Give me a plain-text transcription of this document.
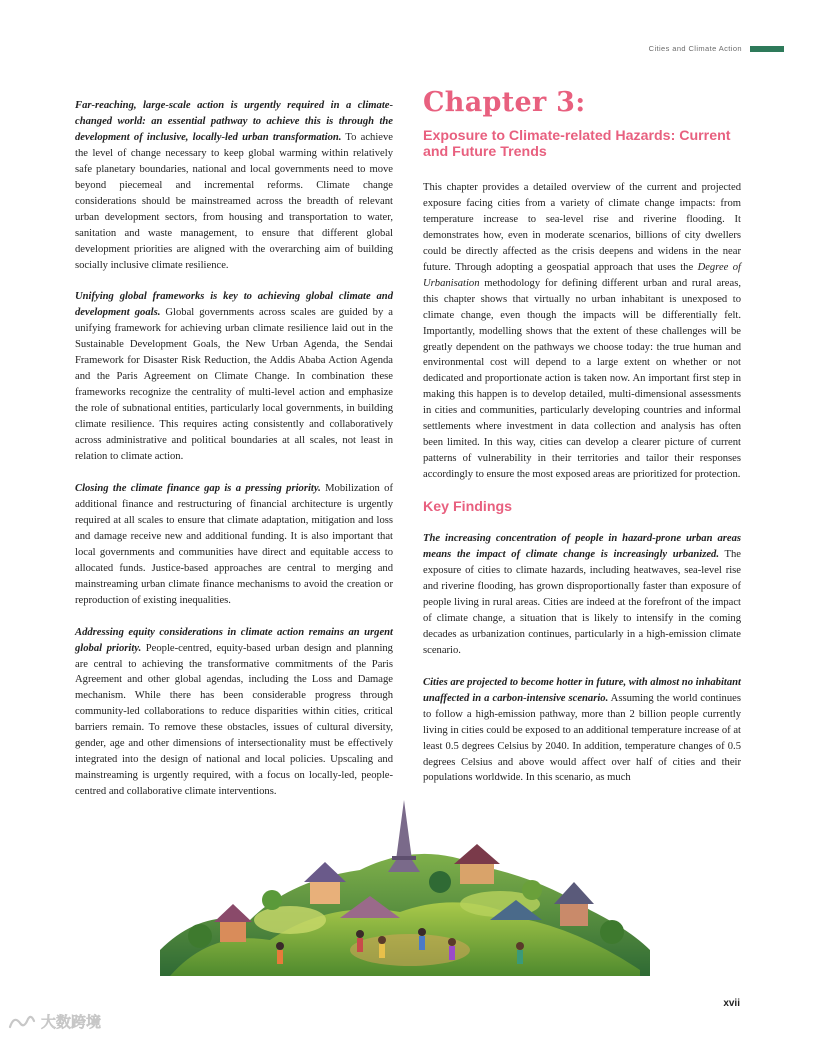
Cities and Climate Action

Far-reaching, large-scale action is urgently required in a climate-changed world: an essential pathway to achieve this is through the development of inclusive, locally-led urban transformation. To achieve the level of change necessary to keep global warming within relatively safe planetary boundaries, national and local governments need to move beyond piecemeal and incremental reforms. Climate change considerations should be mainstreamed across the breadth of relevant urban development sectors, from housing and transportation to water, sanitation and waste management, to ensure that different global development priorities are aligned with the overarching aim of building socially inclusive climate resilience.

Unifying global frameworks is key to achieving global climate and development goals. Global governments across scales are guided by a unifying framework for achieving urban climate resilience laid out in the Sustainable Development Goals, the New Urban Agenda, the Sendai Framework for Disaster Risk Reduction, the Addis Ababa Action Agenda and the Paris Agreement on Climate Change. In combination these frameworks recognize the centrality of multi-level action and emphasize the role of subnational entities, particularly local governments, in building climate resilience. This requires acting consistently and collaboratively across administrative and political boundaries at all scales, not least in relation to climate action.

Closing the climate finance gap is a pressing priority. Mobilization of additional finance and restructuring of financial architecture is urgently required at all scales to ensure that climate adaptation, mitigation and loss and damage receive new and additional funding. It is also important that local governments and communities have direct and equitable access to allocated funds. Justice-based approaches are central to merging and mainstreaming urban climate finance mechanisms to avoid the creation or reproduction of existing inequalities.

Addressing equity considerations in climate action remains an urgent global priority. People-centred, equity-based urban design and planning are central to achieving the transformative commitments of the Paris Agreement and other global agendas, including the Loss and Damage mechanism. While there has been considerable progress through community-led collaborations to reduce disparities within cities, critical barriers remain. To remove these obstacles, issues of cultural diversity, gender, age and other dimensions of intersectionality must be effectively integrated into the design of national and local policies. Upscaling and mainstreaming is urgently required, with a focus on locally-led, people-centred and collaborative climate interventions.

Chapter 3:
Exposure to Climate-related Hazards: Current and Future Trends

This chapter provides a detailed overview of the current and projected exposure facing cities from a variety of climate change impacts: from temperature increase to sea-level rise and riverine flooding. It demonstrates how, even in moderate scenarios, billions of city dwellers could be directly affected as the crisis deepens and widens in the near future. Through adopting a geospatial approach that uses the Degree of Urbanisation methodology for defining different urban and rural areas, this chapter shows that virtually no urban inhabitant is unexposed to climate change, even though the impacts will be differentially felt. Importantly, modelling shows that the extent of these challenges will be greatly dependent on the pathways we choose today: the true human and environmental cost will depend to a large extent on whether or not dedicated and proportionate action is taken now. An important first step in making this happen is to develop detailed, multi-dimensional assessments in cities and communities, particularly developing countries and informal settlements where investment in data collection and analysis has often been limited. In this way, cities can develop a clearer picture of current patterns of vulnerability in their territories and tailor their responses accordingly to ensure the most exposed areas are prioritized for protection.

Key Findings

The increasing concentration of people in hazard-prone urban areas means the impact of climate change is increasingly urbanized. The exposure of cities to climate hazards, including heatwaves, sea-level rise and riverine flooding, has grown disproportionally faster than exposure of people living in rural areas. Cities are indeed at the forefront of the impact of climate change, a situation that is likely to intensify in the coming decades as urbanization continues, particularly in a high-emission climate scenario.

Cities are projected to become hotter in future, with almost no inhabitant unaffected in a carbon-intensive scenario. Assuming the world continues to follow a high-emission pathway, more than 2 billion people currently living in cities could be exposed to an additional temperature increase of at least 0.5 degrees Celsius by 2040. In addition, temperature changes of 0.5 degrees Celsius and above would affect over half of cities and their populations worldwide. In this scenario, as much

xvii
大数跨境
